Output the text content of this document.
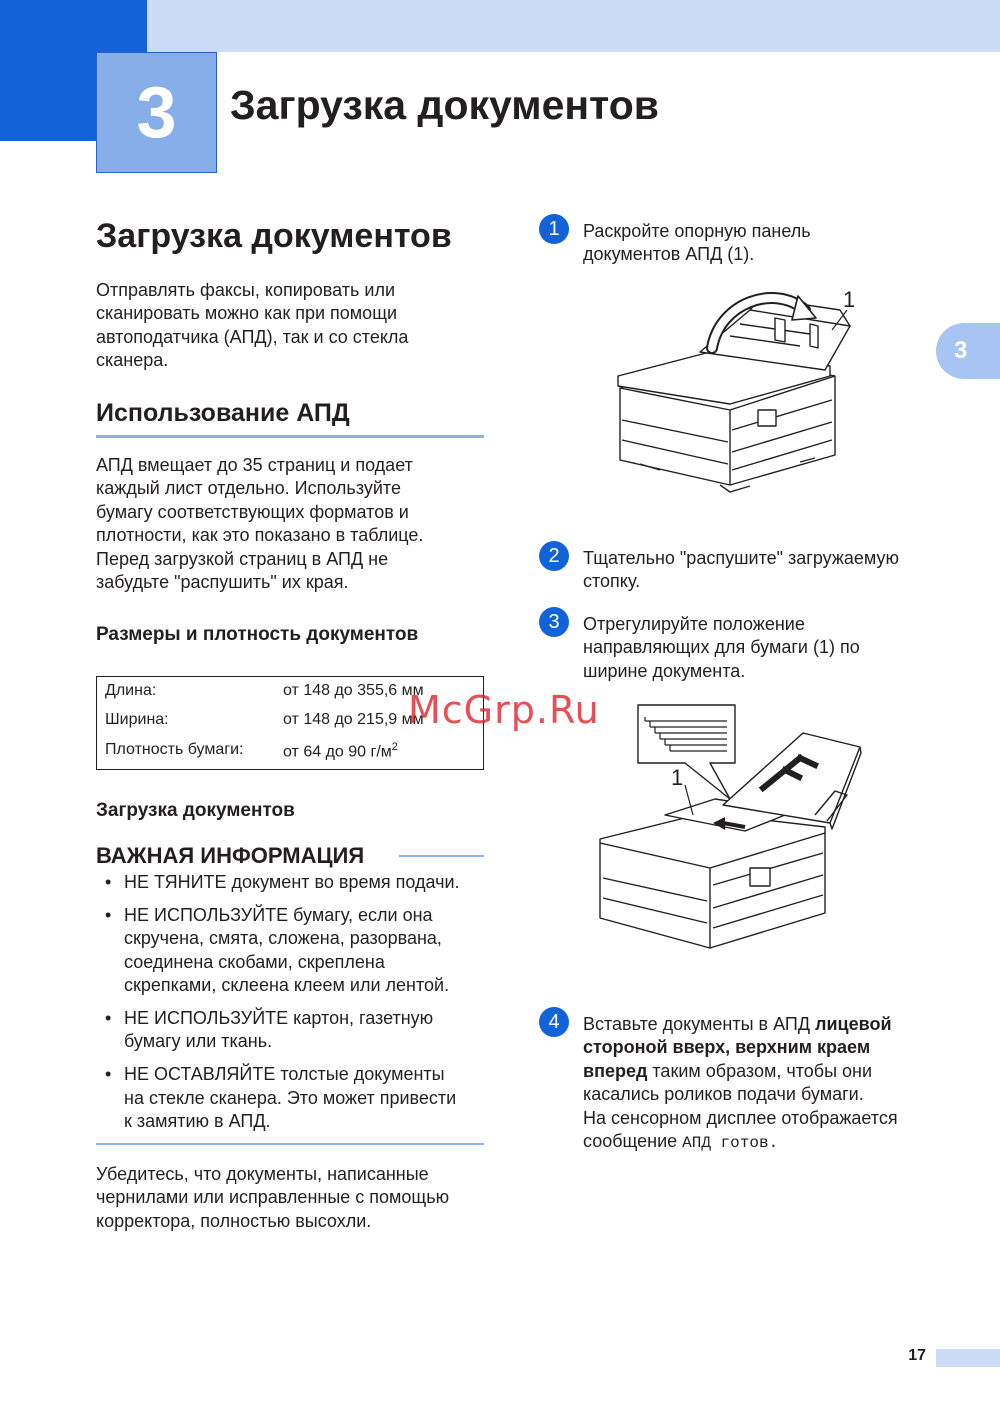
3	Загрузка документов
3
Загрузка документов
Отправлять факсы, копировать или
сканировать можно как при помощи
автоподатчика (АПД), так и со стекла
сканера.
Использование АПД
АПД вмещает до 35 страниц и подает
каждый лист отдельно. Используйте
бумагу соответствующих форматов и
плотности, как это показано в таблице.
Перед загрузкой страниц в АПД не
забудьте "распушить" их края.
Размеры и плотность документов
Длина:	от 148 до 355,6 мм
Ширина:	от 148 до 215,9 мм
Плотность бумаги: от 64 до 90 $г/м^2$
Загрузка документов
ВАЖНАЯ ИНФОРМАЦИЯ
• НЕ ТЯНИТЕ документ во время подачи.
• НЕ ИСПОЛЬЗУЙТЕ бумагу, если она
скручена, смята, сложена, разорвана,
соединена скобами, скреплена
скрепками, склеена клеем или лентой.
• НЕ ИСПОЛЬЗУЙТЕ картон, газетную
бумагу или ткань.
• НЕ ОСТАВЛЯЙТЕ толстые документы
на стекле сканера. Это может привести
к замятию в АПД.
Убедитесь, что документы, написанные
чернилами или исправленные с помощью
корректора, полностью высохли.
1	Раскройте опорную панель
документов АПД (1).
1
2	Тщательно "распушите" загружаемую
стопку.
3	Отрегулируйте положение
направляющих для бумаги (1) по
ширине документа.
1
4	Вставьте документы в АПД лицевой
стороной вверх, верхним краем
вперед таким образом, чтобы они
касались роликов подачи бумаги.
На сенсорном дисплее отображается
сообщение АПД готов.
McGrp.Ru
17
